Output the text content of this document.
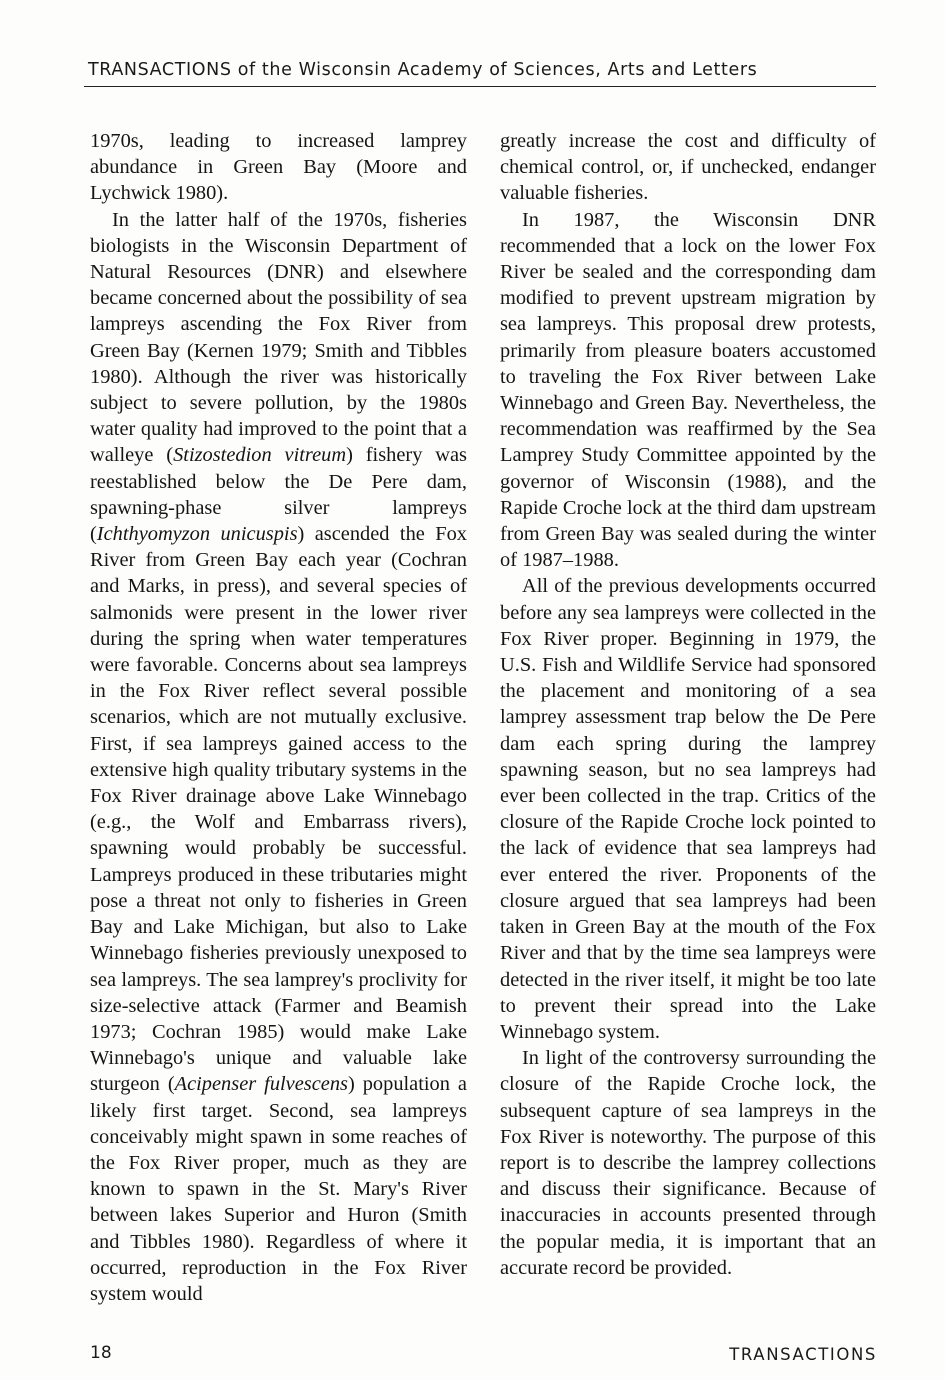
TRANSACTIONS of the Wisconsin Academy of Sciences, Arts and Letters

1970s, leading to increased lamprey abundance in Green Bay (Moore and Lychwick 1980).

In the latter half of the 1970s, fisheries biologists in the Wisconsin Department of Natural Resources (DNR) and elsewhere became concerned about the possibility of sea lampreys ascending the Fox River from Green Bay (Kernen 1979; Smith and Tibbles 1980). Although the river was historically subject to severe pollution, by the 1980s water quality had improved to the point that a walleye (Stizostedion vitreum) fishery was reestablished below the De Pere dam, spawning-phase silver lampreys (Ichthyomyzon unicuspis) ascended the Fox River from Green Bay each year (Cochran and Marks, in press), and several species of salmonids were present in the lower river during the spring when water temperatures were favorable. Concerns about sea lampreys in the Fox River reflect several possible scenarios, which are not mutually exclusive. First, if sea lampreys gained access to the extensive high quality tributary systems in the Fox River drainage above Lake Winnebago (e.g., the Wolf and Embarrass rivers), spawning would probably be successful. Lampreys produced in these tributaries might pose a threat not only to fisheries in Green Bay and Lake Michigan, but also to Lake Winnebago fisheries previously unexposed to sea lampreys. The sea lamprey's proclivity for size-selective attack (Farmer and Beamish 1973; Cochran 1985) would make Lake Winnebago's unique and valuable lake sturgeon (Acipenser fulvescens) population a likely first target. Second, sea lampreys conceivably might spawn in some reaches of the Fox River proper, much as they are known to spawn in the St. Mary's River between lakes Superior and Huron (Smith and Tibbles 1980). Regardless of where it occurred, reproduction in the Fox River system would

greatly increase the cost and difficulty of chemical control, or, if unchecked, endanger valuable fisheries.

In 1987, the Wisconsin DNR recommended that a lock on the lower Fox River be sealed and the corresponding dam modified to prevent upstream migration by sea lampreys. This proposal drew protests, primarily from pleasure boaters accustomed to traveling the Fox River between Lake Winnebago and Green Bay. Nevertheless, the recommendation was reaffirmed by the Sea Lamprey Study Committee appointed by the governor of Wisconsin (1988), and the Rapide Croche lock at the third dam upstream from Green Bay was sealed during the winter of 1987–1988.

All of the previous developments occurred before any sea lampreys were collected in the Fox River proper. Beginning in 1979, the U.S. Fish and Wildlife Service had sponsored the placement and monitoring of a sea lamprey assessment trap below the De Pere dam each spring during the lamprey spawning season, but no sea lampreys had ever been collected in the trap. Critics of the closure of the Rapide Croche lock pointed to the lack of evidence that sea lampreys had ever entered the river. Proponents of the closure argued that sea lampreys had been taken in Green Bay at the mouth of the Fox River and that by the time sea lampreys were detected in the river itself, it might be too late to prevent their spread into the Lake Winnebago system.

In light of the controversy surrounding the closure of the Rapide Croche lock, the subsequent capture of sea lampreys in the Fox River is noteworthy. The purpose of this report is to describe the lamprey collections and discuss their significance. Because of inaccuracies in accounts presented through the popular media, it is important that an accurate record be provided.

18	TRANSACTIONS
